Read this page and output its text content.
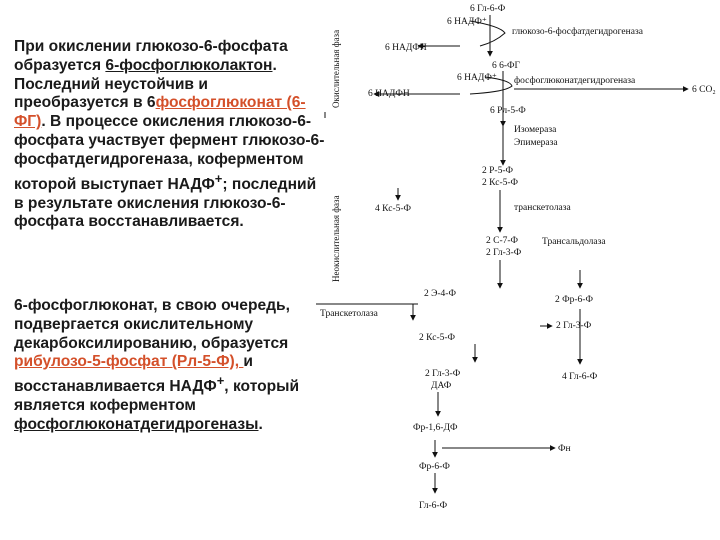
При окислении глюкозо-6-фосфата образуется 6-фосфоглюколактон. Последний неустойчив и преобразуется в 6фосфоглюконат (6-ФГ). В процессе окисления глюкозо-6-фосфата участвует фермент глюкозо-6-фосфатдегидрогеназа, коферментом которой выступает НАДФ+; последний в результате окисления глюкозо-6-фосфата восстанавливается.

6-фосфоглюконат, в свою очередь, подвергается окислительному декарбоксилированию, образуется рибулозо-5-фосфат (Рл-5-Ф), и восстанавливается НАДФ+, который является коферментом фосфоглюконатдегидрогеназы.

Окислительная фаза
Неокислительная фаза
6 Гл-6-Ф
6 НАДФ⁺
глюкозо-6-фосфатдегидрогеназа
6 НАДФН
6 6-ФГ
6 НАДФ⁺ фосфоглюконатдегидрогеназа
6 НАДФН	6 СО₂
6 Рл-5-Ф
Изомераза
Эпимераза
2 Р-5-Ф
2 Кс-5-Ф
4 Кс-5-Ф	транскетолаза
2 С-7-Ф
2 Гл-3-Ф
Трансальдолаза
2 Э-4-Ф
2 Фр-6-Ф
Транскетолаза
2 Кс-5-Ф
2 Гл-3-Ф
4 Гл-6-Ф
2 Гл-3-Ф
ДАФ
Фр-1,6-ДФ
Фн
Фр-6-Ф
Гл-6-Ф
